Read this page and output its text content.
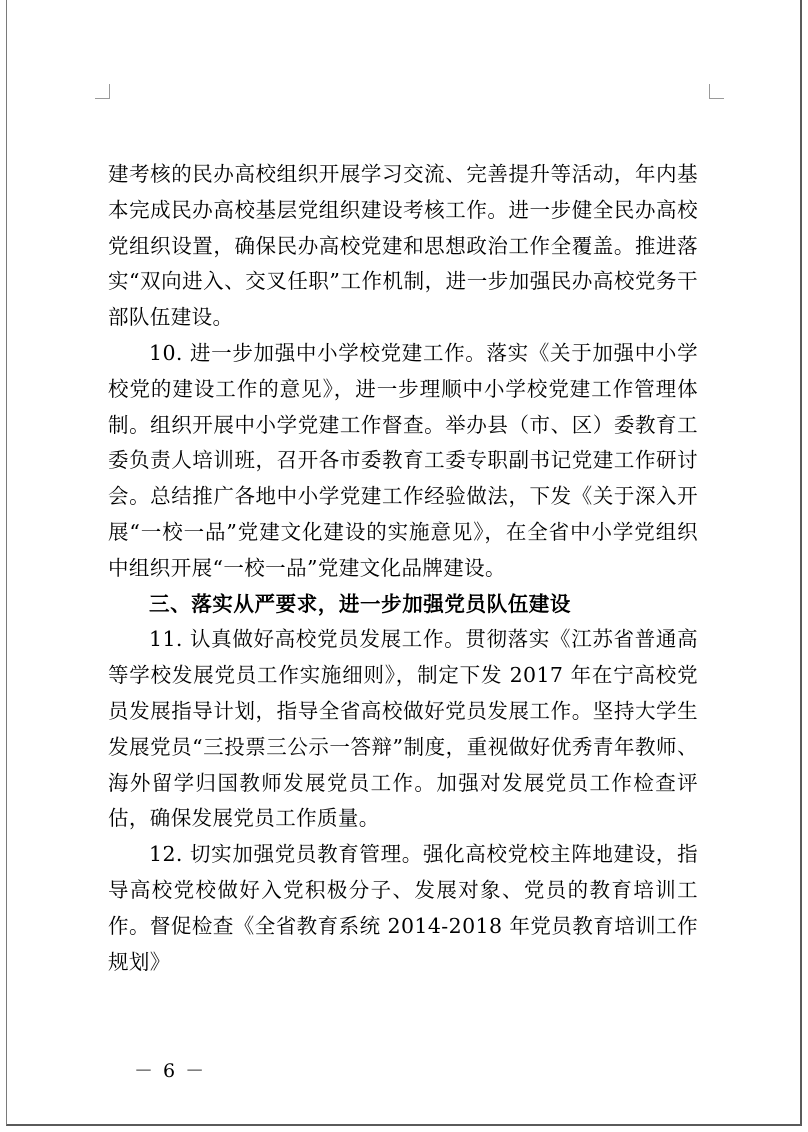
建考核的民办高校组织开展学习交流、完善提升等活动，年内基本完成民办高校基层党组织建设考核工作。进一步健全民办高校党组织设置，确保民办高校党建和思想政治工作全覆盖。推进落实“双向进入、交叉任职”工作机制，进一步加强民办高校党务干部队伍建设。

10. 进一步加强中小学校党建工作。落实《关于加强中小学校党的建设工作的意见》，进一步理顺中小学校党建工作管理体制。组织开展中小学党建工作督查。举办县（市、区）委教育工委负责人培训班，召开各市委教育工委专职副书记党建工作研讨会。总结推广各地中小学党建工作经验做法，下发《关于深入开展“一校一品”党建文化建设的实施意见》，在全省中小学党组织中组织开展“一校一品”党建文化品牌建设。

三、落实从严要求，进一步加强党员队伍建设

11. 认真做好高校党员发展工作。贯彻落实《江苏省普通高等学校发展党员工作实施细则》，制定下发 2017 年在宁高校党员发展指导计划，指导全省高校做好党员发展工作。坚持大学生发展党员“三投票三公示一答辩”制度，重视做好优秀青年教师、海外留学归国教师发展党员工作。加强对发展党员工作检查评估，确保发展党员工作质量。

12. 切实加强党员教育管理。强化高校党校主阵地建设，指导高校党校做好入党积极分子、发展对象、党员的教育培训工作。督促检查《全省教育系统 2014-2018 年党员教育培训工作规划》

－ 6 －
